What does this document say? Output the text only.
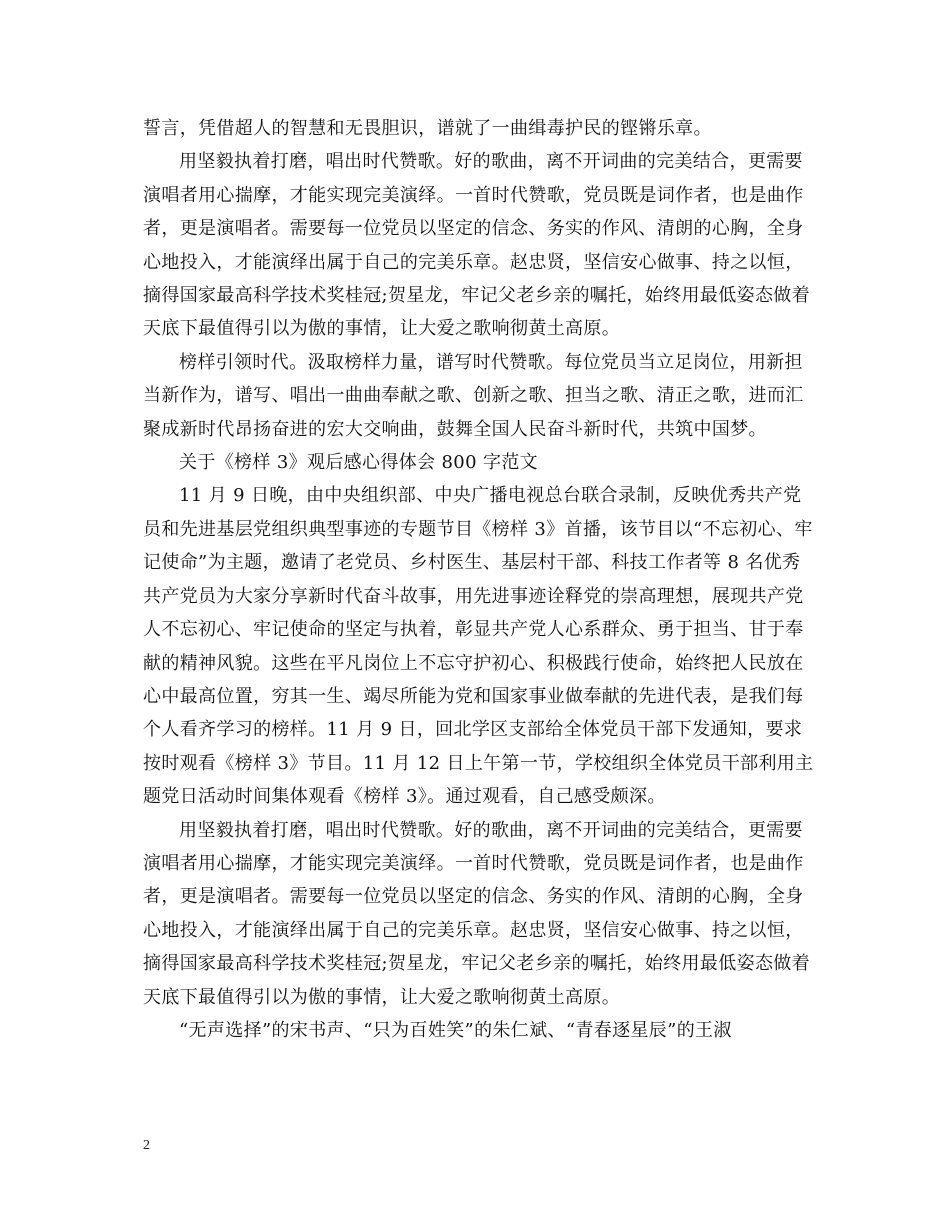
誓言，凭借超人的智慧和无畏胆识，谱就了一曲缉毒护民的铿锵乐章。

用坚毅执着打磨，唱出时代赞歌。好的歌曲，离不开词曲的完美结合，更需要演唱者用心揣摩，才能实现完美演绎。一首时代赞歌，党员既是词作者，也是曲作者，更是演唱者。需要每一位党员以坚定的信念、务实的作风、清朗的心胸，全身心地投入，才能演绎出属于自己的完美乐章。赵忠贤，坚信安心做事、持之以恒，摘得国家最高科学技术奖桂冠;贺星龙，牢记父老乡亲的嘱托，始终用最低姿态做着天底下最值得引以为傲的事情，让大爱之歌响彻黄土高原。

榜样引领时代。汲取榜样力量，谱写时代赞歌。每位党员当立足岗位，用新担当新作为，谱写、唱出一曲曲奉献之歌、创新之歌、担当之歌、清正之歌，进而汇聚成新时代昂扬奋进的宏大交响曲，鼓舞全国人民奋斗新时代，共筑中国梦。

关于《榜样 3》观后感心得体会 800 字范文

11 月 9 日晚，由中央组织部、中央广播电视总台联合录制，反映优秀共产党员和先进基层党组织典型事迹的专题节目《榜样 3》首播，该节目以“不忘初心、牢记使命”为主题，邀请了老党员、乡村医生、基层村干部、科技工作者等 8 名优秀共产党员为大家分享新时代奋斗故事，用先进事迹诠释党的崇高理想，展现共产党人不忘初心、牢记使命的坚定与执着，彰显共产党人心系群众、勇于担当、甘于奉献的精神风貌。这些在平凡岗位上不忘守护初心、积极践行使命，始终把人民放在心中最高位置，穷其一生、竭尽所能为党和国家事业做奉献的先进代表，是我们每个人看齐学习的榜样。11 月 9 日，回北学区支部给全体党员干部下发通知，要求按时观看《榜样 3》节目。11 月 12 日上午第一节，学校组织全体党员干部利用主题党日活动时间集体观看《榜样 3》。通过观看，自己感受颇深。

用坚毅执着打磨，唱出时代赞歌。好的歌曲，离不开词曲的完美结合，更需要演唱者用心揣摩，才能实现完美演绎。一首时代赞歌，党员既是词作者，也是曲作者，更是演唱者。需要每一位党员以坚定的信念、务实的作风、清朗的心胸，全身心地投入，才能演绎出属于自己的完美乐章。赵忠贤，坚信安心做事、持之以恒，摘得国家最高科学技术奖桂冠;贺星龙，牢记父老乡亲的嘱托，始终用最低姿态做着天底下最值得引以为傲的事情，让大爱之歌响彻黄土高原。

“无声选择”的宋书声、“只为百姓笑”的朱仁斌、“青春逐星辰”的王淑

2
